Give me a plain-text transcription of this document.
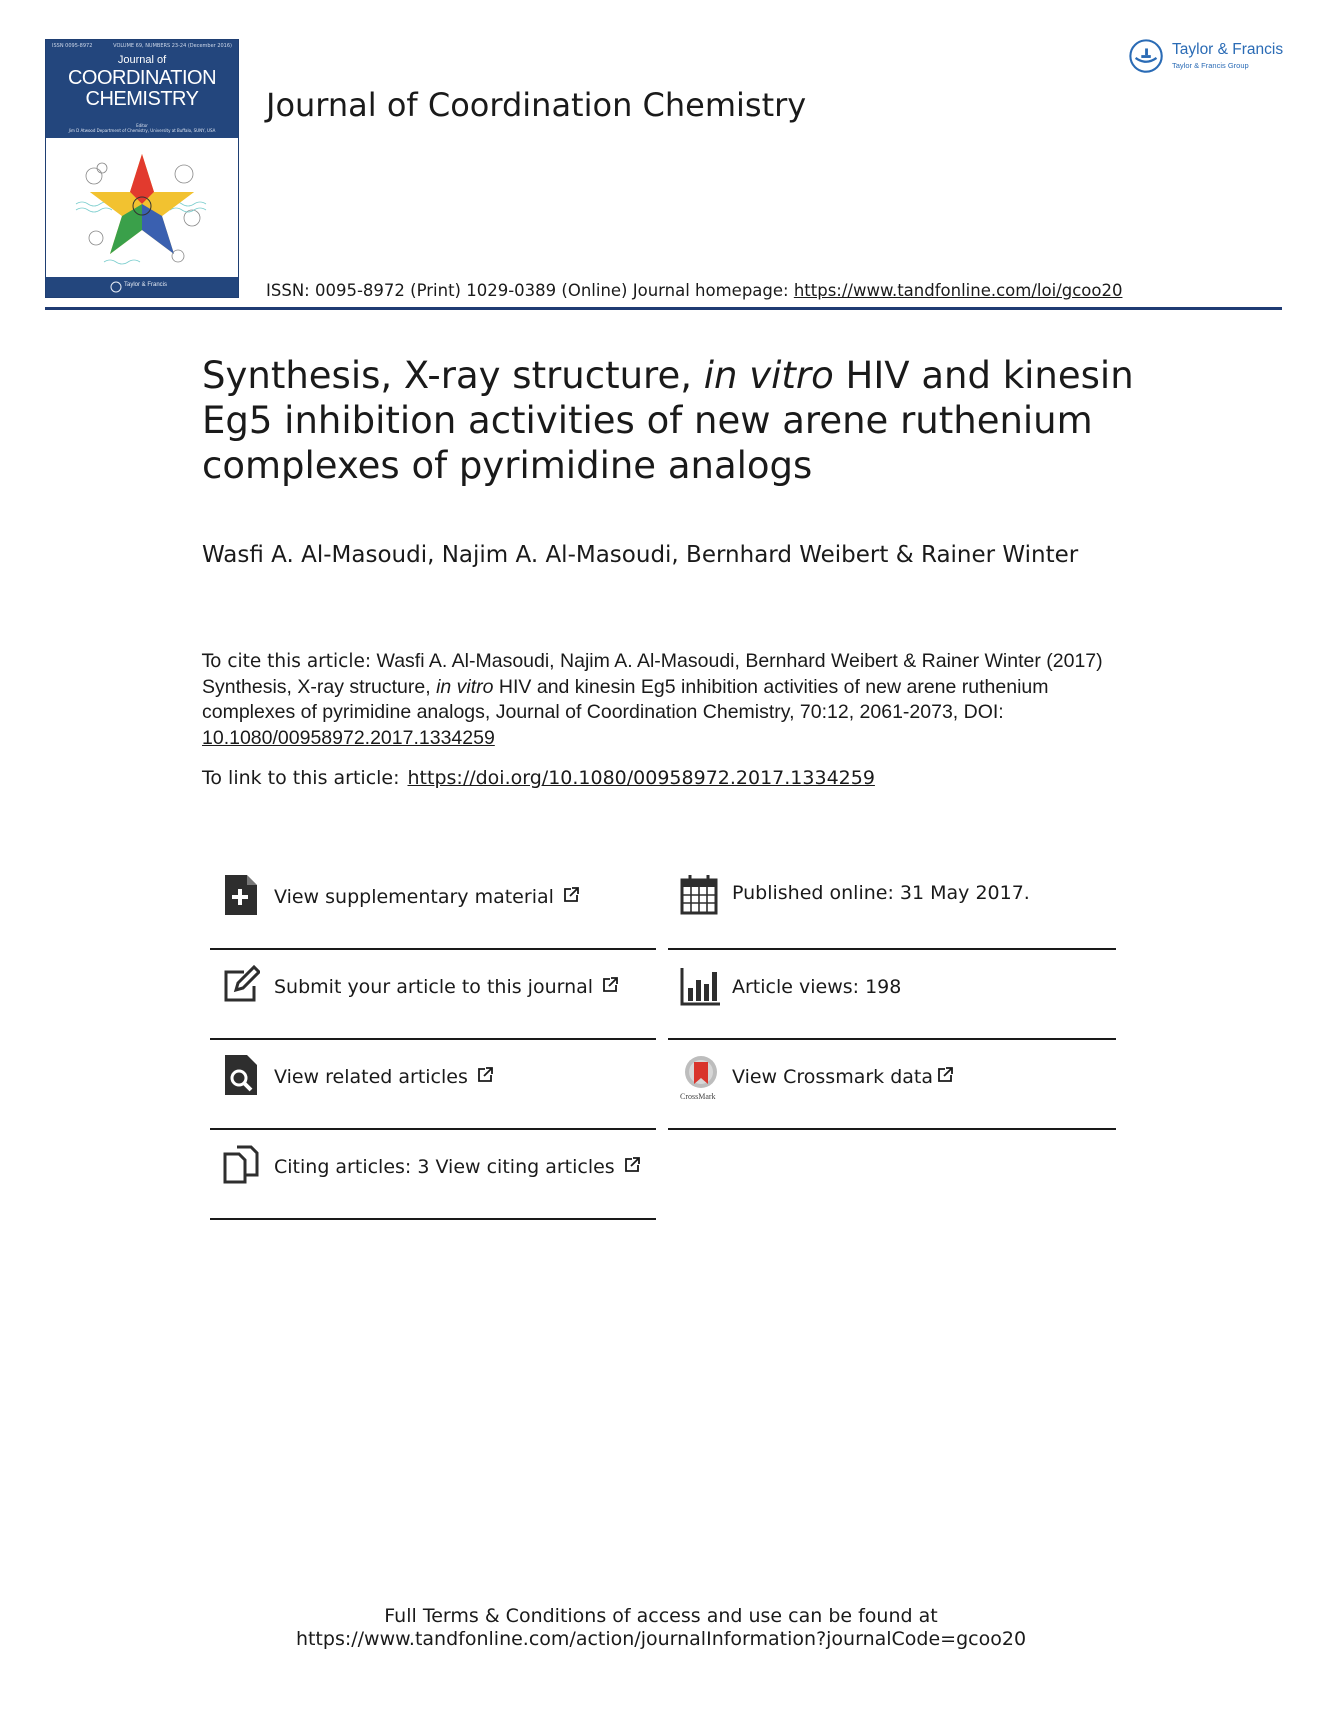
ISSN 0095-8972	VOLUME 69, NUMBERS 23-24 (December 2016)
Journal of
COORDINATION
CHEMISTRY
Editor
Jim D Atwood Department of Chemistry, University at Buffalo, SUNY, USA
Taylor & Francis
Journal of Coordination Chemistry
ISSN: 0095-8972 (Print) 1029-0389 (Online) Journal homepage: https://www.tandfonline.com/loi/gcoo20
Taylor & Francis
Taylor & Francis Group
Synthesis, X-ray structure, in vitro HIV and kinesin Eg5 inhibition activities of new arene ruthenium complexes of pyrimidine analogs
Wasfi A. Al-Masoudi, Najim A. Al-Masoudi, Bernhard Weibert & Rainer Winter
To cite this article: Wasfi A. Al-Masoudi, Najim A. Al-Masoudi, Bernhard Weibert & Rainer Winter (2017) Synthesis, X-ray structure, in vitro HIV and kinesin Eg5 inhibition activities of new arene ruthenium complexes of pyrimidine analogs, Journal of Coordination Chemistry, 70:12, 2061-2073, DOI: 10.1080/00958972.2017.1334259
To link to this article: https://doi.org/10.1080/00958972.2017.1334259
View supplementary material
Submit your article to this journal
View related articles
Citing articles: 3 View citing articles
Published online: 31 May 2017.
Article views: 198
CrossMark
View Crossmark data
Full Terms & Conditions of access and use can be found at
https://www.tandfonline.com/action/journalInformation?journalCode=gcoo20
